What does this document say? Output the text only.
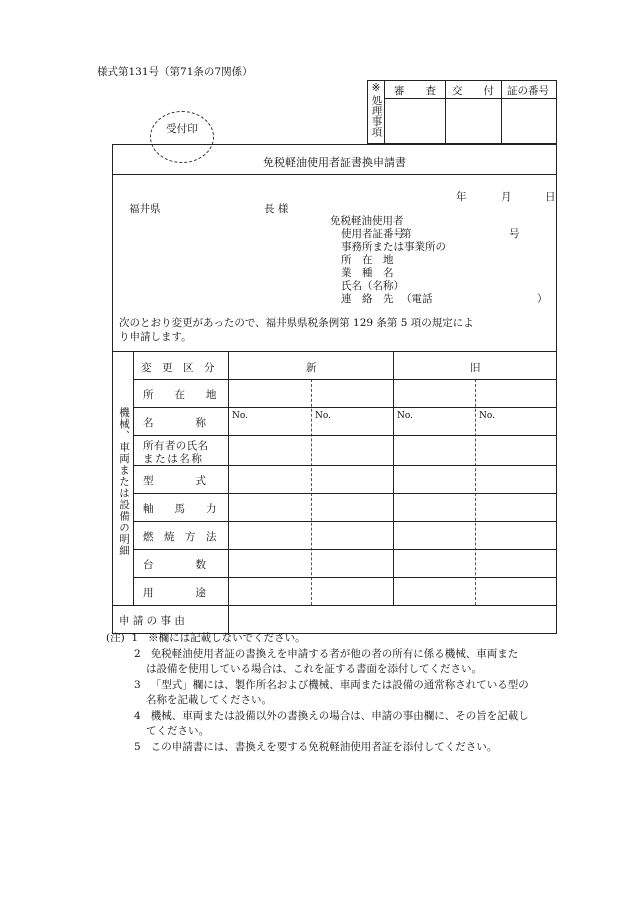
様式第131号（第71条の7関係）
※
処理事項
審　　査 交　　付 証の番号
受付印
免税軽油使用者証書換申請書
年	月	日
福井県	長 様
免税軽油使用者
使用者証番号
第	号
事務所または事業所の
所　在　地
業　種　名
氏名（名称）
連　絡　先 （電話	）
次のとおり変更があったので、福井県県税条例第 129 条第 5 項の規定によ
り申請します。
機械、車両または設備の明細
変　更　区　分	新	旧
所　　在　　地
名　　　　称
No.	No.	No.	No.
所有者の氏名
または名称
型　　　　式
軸　　馬　　力
燃　焼　方　法
台　　　　数
用　　　　途
申 請 の 事 由
(注) 1 ※欄には記載しないでください。
2 免税軽油使用者証の書換えを申請する者が他の者の所有に係る機械、車両また
は設備を使用している場合は、これを証する書面を添付してください。
3 「型式」欄には、製作所名および機械、車両または設備の通常称されている型の
名称を記載してください。
4 機械、車両または設備以外の書換えの場合は、申請の事由欄に、その旨を記載し
てください。
5 この申請書には、書換えを要する免税軽油使用者証を添付してください。
